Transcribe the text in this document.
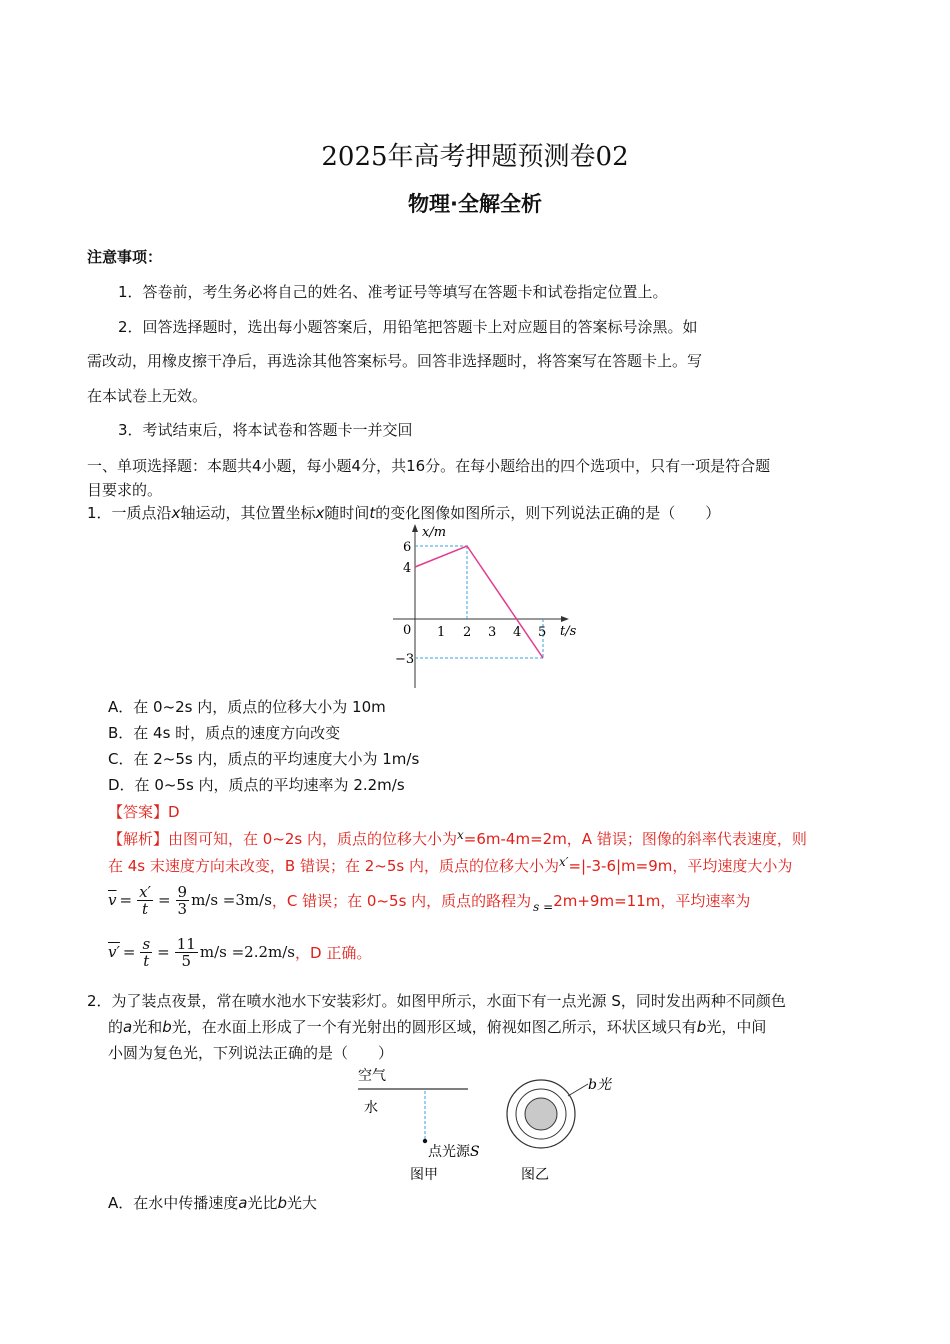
2025年高考押题预测卷02
物理·全解全析
注意事项：
1．答卷前，考生务必将自己的姓名、准考证号等填写在答题卡和试卷指定位置上。
2．回答选择题时，选出每小题答案后，用铅笔把答题卡上对应题目的答案标号涂黑。如
需改动，用橡皮擦干净后，再选涂其他答案标号。回答非选择题时，将答案写在答题卡上。写
在本试卷上无效。
3．考试结束后，将本试卷和答题卡一并交回
一、单项选择题：本题共4小题，每小题4分，共16分。在每小题给出的四个选项中，只有一项是符合题
目要求的。
1．一质点沿x轴运动，其位置坐标x随时间t的变化图像如图所示，则下列说法正确的是（　　）
x/m
t/s
0 1 2 3 4 5
6
4
−3
A．在 0~2s 内，质点的位移大小为 10m
B．在 4s 时，质点的速度方向改变
C．在 2~5s 内，质点的平均速度大小为 1m/s
D．在 0~5s 内，质点的平均速率为 2.2m/s
【答案】D
【解析】由图可知，在 0~2s 内，质点的位移大小为$^x$=6m-4m=2m，A 错误；图像的斜率代表速度，则
在 4s 末速度方向未改变，B 错误；在 2~5s 内，质点的位移大小为$^{x'}$=|-3-6|m=9m，平均速度大小为
$\overline{v} = \frac{x'}{t} = \frac{9}{3} m/s =3m/s$ ，C 错误；在 0~5s 内，质点的路程为 s = 2m+9m=11m，平均速率为
$v' = \frac{s}{t} = \frac{11}{5} m/s =2.2m/s$ ，D 正确。
2．为了装点夜景，常在喷水池水下安装彩灯。如图甲所示，水面下有一点光源 S，同时发出两种不同颜色
的a光和b光，在水面上形成了一个有光射出的圆形区域，俯视如图乙所示，环状区域只有b光，中间
小圆为复色光，下列说法正确的是（　　）
空气
水
点光源S
图甲
b光
图乙
A．在水中传播速度a光比b光大
